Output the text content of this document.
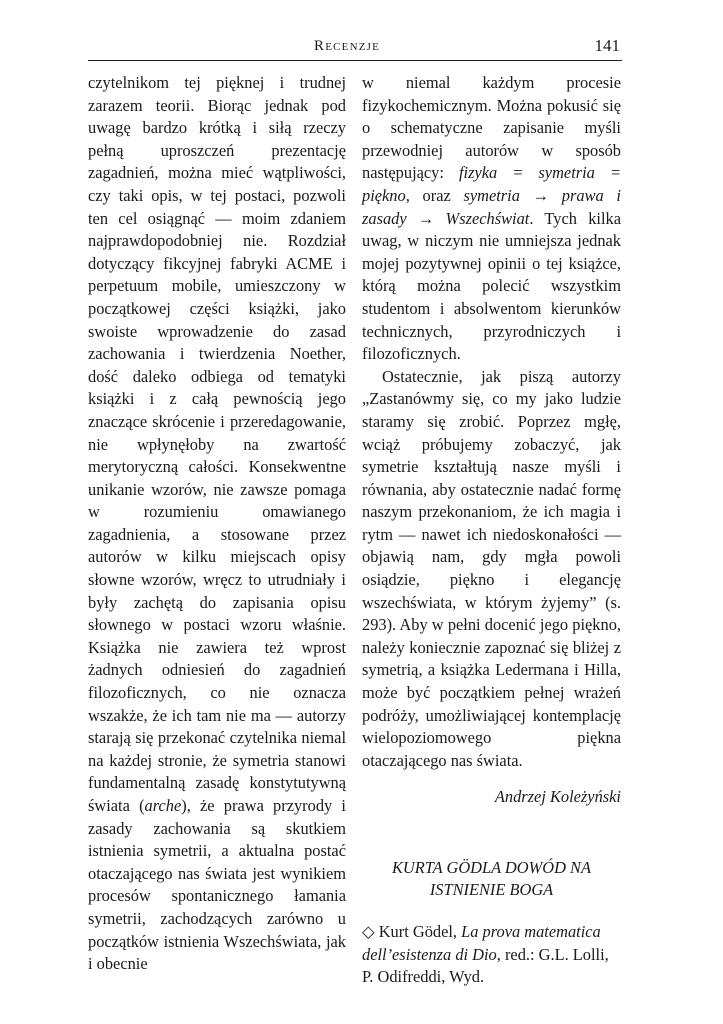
Recenzje	141

czytelnikom tej pięknej i trudnej zarazem teorii. Biorąc jednak pod uwagę bardzo krótką i siłą rzeczy pełną uproszczeń prezentację zagadnień, można mieć wątpliwości, czy taki opis, w tej postaci, pozwoli ten cel osiągnąć — moim zdaniem najprawdopodobniej nie. Rozdział dotyczący fikcyjnej fabryki ACME i perpetuum mobile, umieszczony w początkowej części książki, jako swoiste wprowadzenie do zasad zachowania i twierdzenia Noether, dość daleko odbiega od tematyki książki i z całą pewnością jego znaczące skrócenie i przeredagowanie, nie wpłynęłoby na zwartość merytoryczną całości. Konsekwentne unikanie wzorów, nie zawsze pomaga w rozumieniu omawianego zagadnienia, a stosowane przez autorów w kilku miejscach opisy słowne wzorów, wręcz to utrudniały i były zachętą do zapisania opisu słownego w postaci wzoru właśnie. Książka nie zawiera też wprost żadnych odniesień do zagadnień filozoficznych, co nie oznacza wszakże, że ich tam nie ma — autorzy starają się przekonać czytelnika niemal na każdej stronie, że symetria stanowi fundamentalną zasadę konstytutywną świata (arche), że prawa przyrody i zasady zachowania są skutkiem istnienia symetrii, a aktualna postać otaczającego nas świata jest wynikiem procesów spontanicznego łamania symetrii, zachodzących zarówno u początków istnienia Wszechświata, jak i obecnie

w niemal każdym procesie fizykochemicznym. Można pokusić się o schematyczne zapisanie myśli przewodniej autorów w sposób następujący: fizyka = symetria = piękno, oraz symetria → prawa i zasady → Wszechświat. Tych kilka uwag, w niczym nie umniejsza jednak mojej pozytywnej opinii o tej książce, którą można polecić wszystkim studentom i absolwentom kierunków technicznych, przyrodniczych i filozoficznych.

Ostatecznie, jak piszą autorzy „Zastanówmy się, co my jako ludzie staramy się zrobić. Poprzez mgłę, wciąż próbujemy zobaczyć, jak symetrie kształtują nasze myśli i równania, aby ostatecznie nadać formę naszym przekonaniom, że ich magia i rytm — nawet ich niedoskonałości — objawią nam, gdy mgła powoli osiądzie, piękno i elegancję wszechświata, w którym żyjemy” (s. 293). Aby w pełni docenić jego piękno, należy koniecznie zapoznać się bliżej z symetrią, a książka Ledermana i Hilla, może być początkiem pełnej wrażeń podróży, umożliwiającej kontemplację wielopoziomowego piękna otaczającego nas świata.

Andrzej Koleżyński
KURTA GÖDLA DOWÓD NA
ISTNIENIE BOGA
◇ Kurt Gödel, La prova matematica dell’esistenza di Dio, red.: G.L. Lolli, P. Odifreddi, Wyd.
